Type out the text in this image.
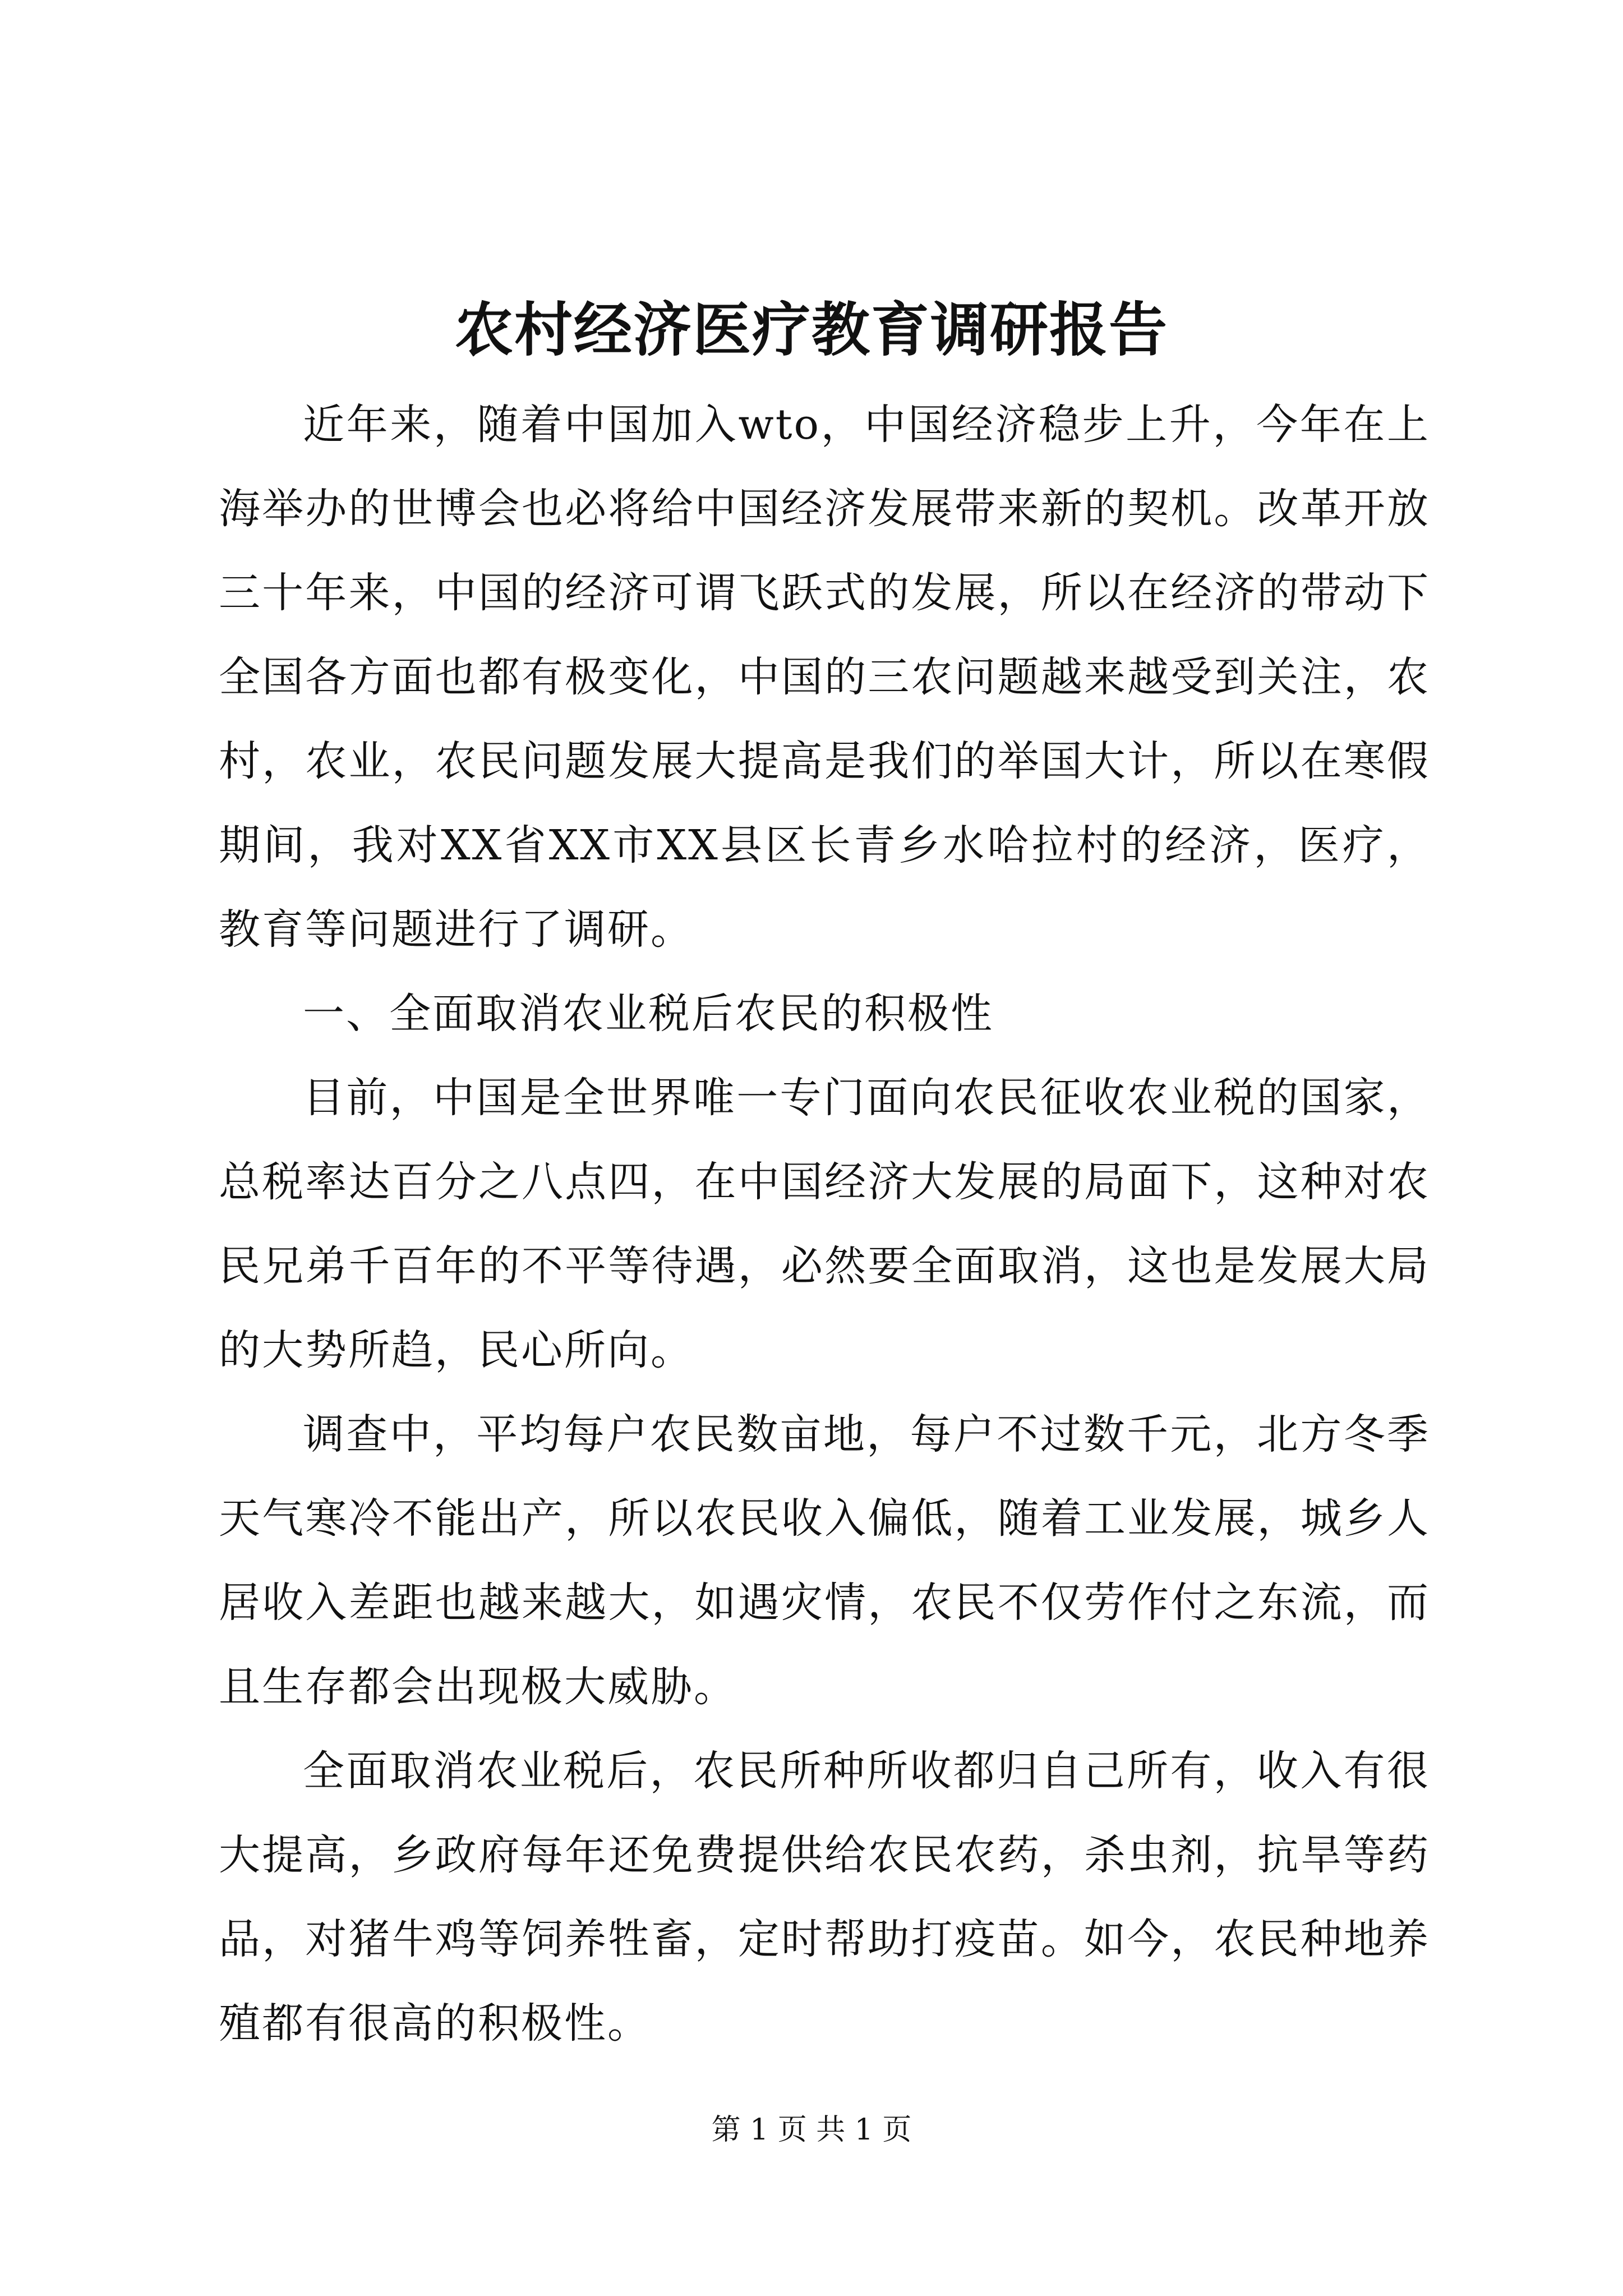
农村经济医疗教育调研报告

近年来，随着中国加入wto，中国经济稳步上升，今年在上海举办的世博会也必将给中国经济发展带来新的契机。改革开放三十年来，中国的经济可谓飞跃式的发展，所以在经济的带动下全国各方面也都有极变化，中国的三农问题越来越受到关注，农村，农业，农民问题发展大提高是我们的举国大计，所以在寒假期间，我对XX省XX市XX县区长青乡水哈拉村的经济，医疗，教育等问题进行了调研。

一、全面取消农业税后农民的积极性

目前，中国是全世界唯一专门面向农民征收农业税的国家，总税率达百分之八点四，在中国经济大发展的局面下，这种对农民兄弟千百年的不平等待遇，必然要全面取消，这也是发展大局的大势所趋，民心所向。

调查中，平均每户农民数亩地，每户不过数千元，北方冬季天气寒冷不能出产，所以农民收入偏低，随着工业发展，城乡人居收入差距也越来越大，如遇灾情，农民不仅劳作付之东流，而且生存都会出现极大威胁。

全面取消农业税后，农民所种所收都归自己所有，收入有很大提高，乡政府每年还免费提供给农民农药，杀虫剂，抗旱等药品，对猪牛鸡等饲养牲畜，定时帮助打疫苗。如今，农民种地养殖都有很高的积极性。

第 1 页 共 1 页
